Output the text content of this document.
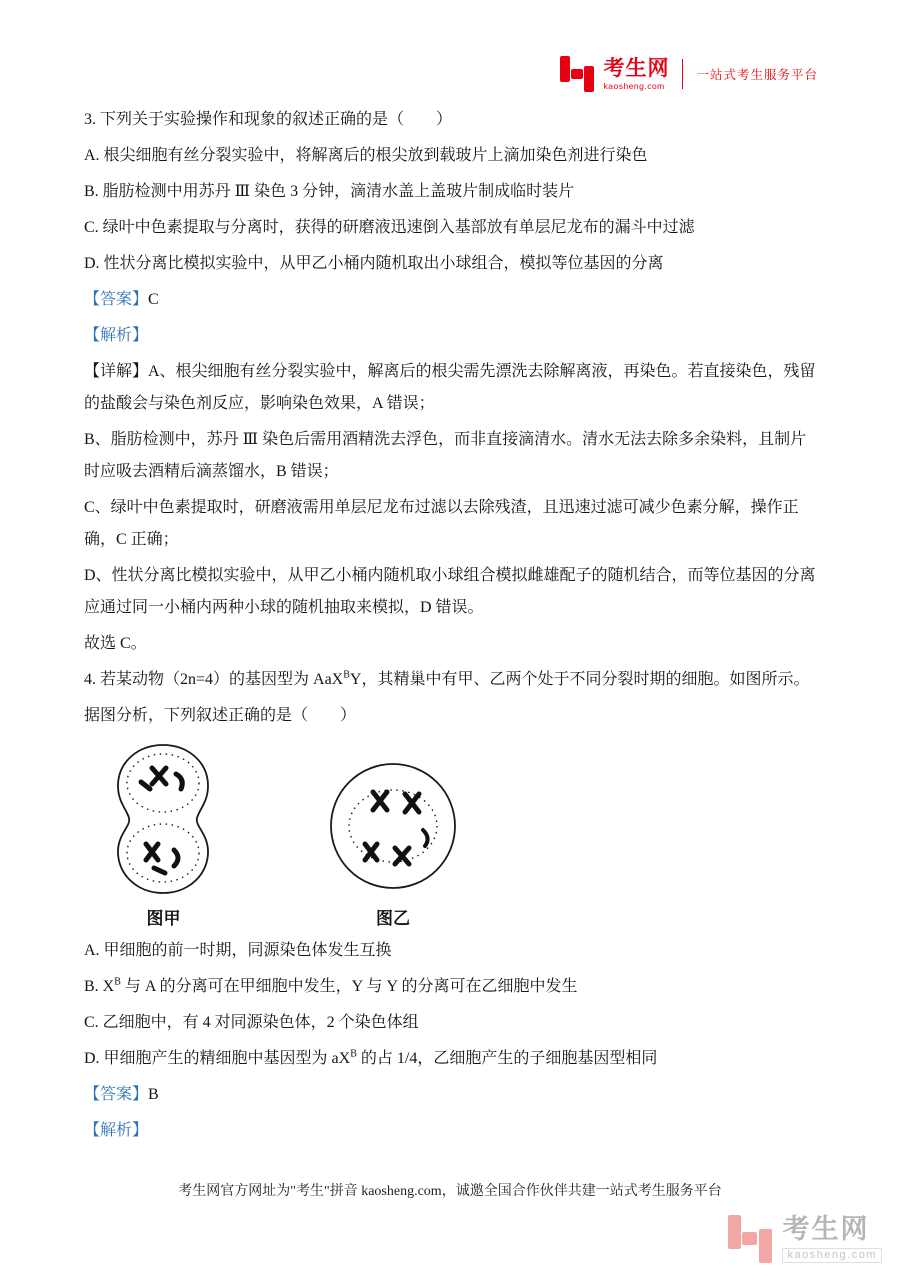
考生网
kaosheng.com
一站式考生服务平台

3. 下列关于实验操作和现象的叙述正确的是（　　）

A. 根尖细胞有丝分裂实验中，将解离后的根尖放到载玻片上滴加染色剂进行染色

B. 脂肪检测中用苏丹 Ⅲ 染色 3 分钟，滴清水盖上盖玻片制成临时装片

C. 绿叶中色素提取与分离时，获得的研磨液迅速倒入基部放有单层尼龙布的漏斗中过滤

D. 性状分离比模拟实验中，从甲乙小桶内随机取出小球组合，模拟等位基因的分离

【答案】C

【解析】

【详解】A、根尖细胞有丝分裂实验中，解离后的根尖需先漂洗去除解离液，再染色。若直接染色，残留的盐酸会与染色剂反应，影响染色效果，A 错误；

B、脂肪检测中，苏丹 Ⅲ 染色后需用酒精洗去浮色，而非直接滴清水。清水无法去除多余染料，且制片时应吸去酒精后滴蒸馏水，B 错误；

C、绿叶中色素提取时，研磨液需用单层尼龙布过滤以去除残渣，且迅速过滤可减少色素分解，操作正确，C 正确；

D、性状分离比模拟实验中，从甲乙小桶内随机取小球组合模拟雌雄配子的随机结合，而等位基因的分离应通过同一小桶内两种小球的随机抽取来模拟，D 错误。

故选 C。

4. 若某动物（2n=4）的基因型为 AaX$^B$Y，其精巢中有甲、乙两个处于不同分裂时期的细胞。如图所示。

据图分析，下列叙述正确的是（　　）

图甲	图乙

A. 甲细胞的前一时期，同源染色体发生互换

B. $X^B$ 与 A 的分离可在甲细胞中发生，Y 与 Y 的分离可在乙细胞中发生

C. 乙细胞中，有 4 对同源染色体，2 个染色体组

D. 甲细胞产生的精细胞中基因型为 $aX^B$ 的占 1/4，乙细胞产生的子细胞基因型相同

【答案】B

【解析】

考生网官方网址为"考生"拼音 kaosheng.com，诚邀全国合作伙伴共建一站式考生服务平台
考生网
kaosheng.com
